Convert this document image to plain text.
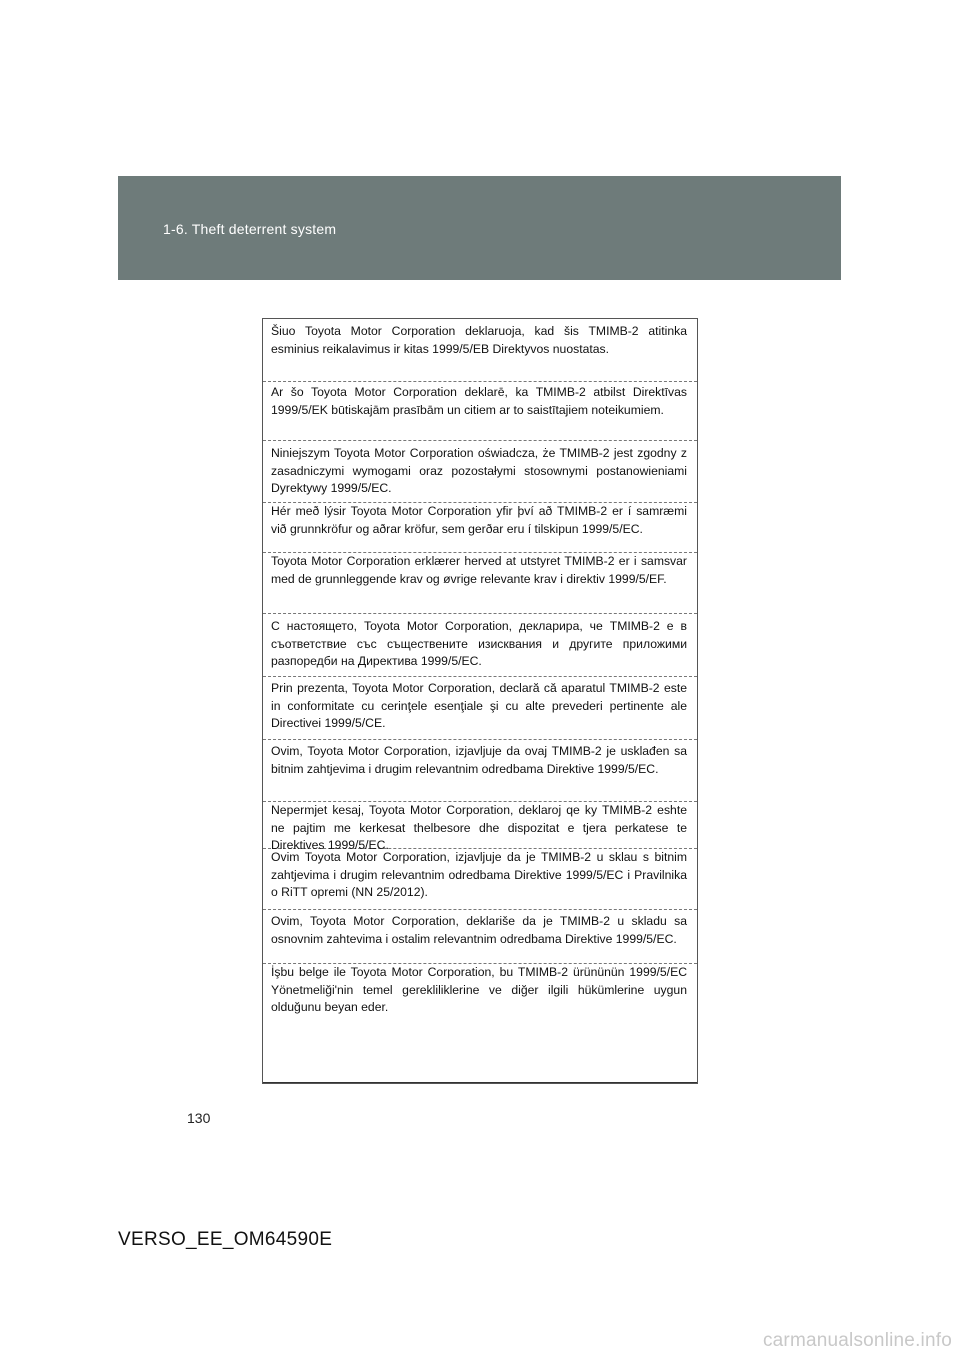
1-6. Theft deterrent system
Šiuo Toyota Motor Corporation deklaruoja, kad šis TMIMB-2 atitinka esminius reikalavimus ir kitas 1999/5/EB Direktyvos nuostatas.
Ar šo Toyota Motor Corporation deklarē, ka TMIMB-2 atbilst Direktīvas 1999/5/EK būtiskajām prasībām un citiem ar to saistītajiem noteikumiem.
Niniejszym Toyota Motor Corporation oświadcza, że TMIMB-2 jest zgodny z zasadniczymi wymogami oraz pozostałymi stosownymi postanowieniami Dyrektywy 1999/5/EC.
Hér með lýsir Toyota Motor Corporation yfir því að TMIMB-2 er í samræmi við grunnkröfur og aðrar kröfur, sem gerðar eru í tilskipun 1999/5/EC.
Toyota Motor Corporation erklærer herved at utstyret TMIMB-2 er i samsvar med de grunnleggende krav og øvrige relevante krav i direktiv 1999/5/EF.
С настоящето, Toyota Motor Corporation, декларира, че TMIMB-2 е в съответствие със съществените изисквания и другите приложими разпоредби на Директива 1999/5/EC.
Prin prezenta, Toyota Motor Corporation, declară că aparatul TMIMB-2 este in conformitate cu cerinţele esenţiale şi cu alte prevederi pertinente ale Directivei 1999/5/CE.
Ovim, Toyota Motor Corporation, izjavljuje da ovaj TMIMB-2 je usklađen sa bitnim zahtjevima i drugim relevantnim odredbama Direktive 1999/5/EC.
Nepermjet kesaj, Toyota Motor Corporation, deklaroj qe ky TMIMB-2 eshte ne pajtim me kerkesat thelbesore dhe dispozitat e tjera perkatese te Direktives 1999/5/EC.
Ovim Toyota Motor Corporation, izjavljuje da je TMIMB-2 u sklau s bitnim zahtjevima i drugim relevantnim odredbama Direktive 1999/5/EC i Pravilnika o RiTT opremi (NN 25/2012).
Ovim, Toyota Motor Corporation, deklariše da je TMIMB-2 u skladu sa osnovnim zahtevima i ostalim relevantnim odredbama Direktive 1999/5/EC.
İşbu belge ile Toyota Motor Corporation, bu TMIMB-2 ürününün 1999/5/EC Yönetmeliği'nin temel gerekliliklerine ve diğer ilgili hükümlerine uygun olduğunu beyan eder.
130
VERSO_EE_OM64590E
carmanualsonline.info
